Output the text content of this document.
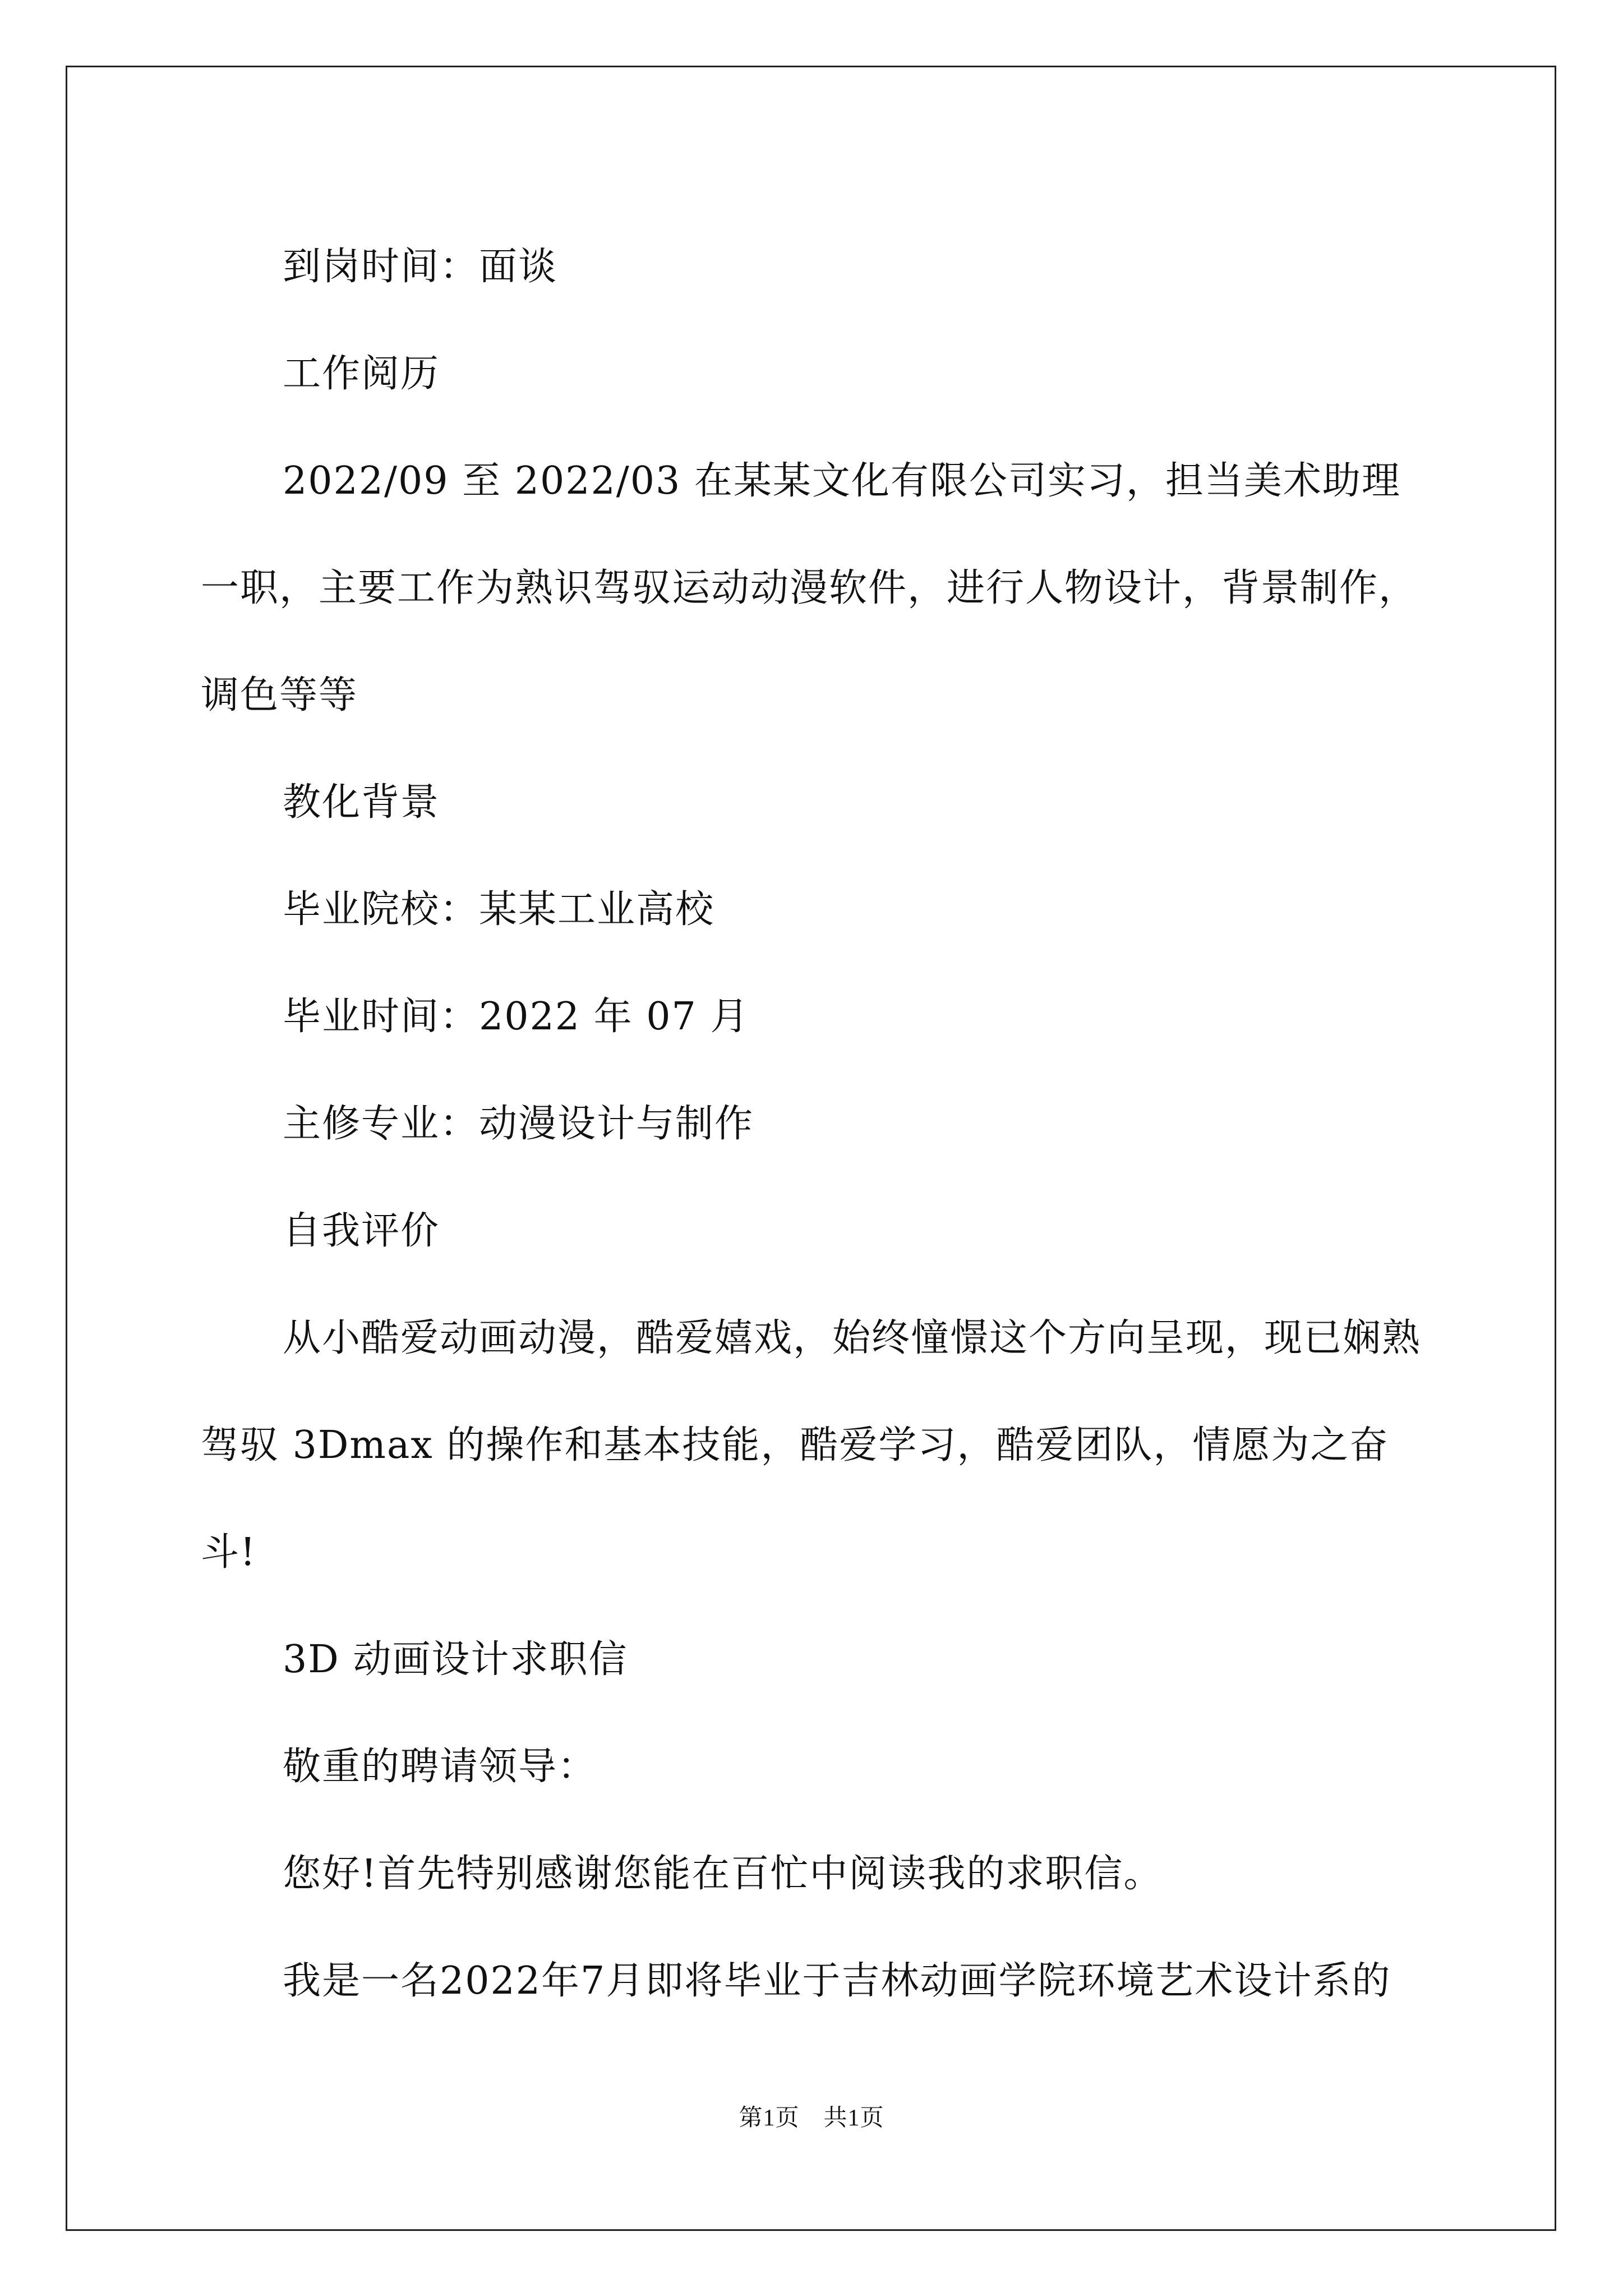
到岗时间：面谈

工作阅历

2022/09 至 2022/03 在某某文化有限公司实习，担当美术助理一职，主要工作为熟识驾驭运动动漫软件，进行人物设计，背景制作，调色等等

教化背景

毕业院校：某某工业高校

毕业时间：2022 年 07 月

主修专业：动漫设计与制作

自我评价

从小酷爱动画动漫，酷爱嬉戏，始终憧憬这个方向呈现，现已娴熟驾驭 3Dmax 的操作和基本技能，酷爱学习，酷爱团队，情愿为之奋斗!

3D 动画设计求职信

敬重的聘请领导：

您好!首先特别感谢您能在百忙中阅读我的求职信。

我是一名2022年7月即将毕业于吉林动画学院环境艺术设计系的

第1页　共1页
